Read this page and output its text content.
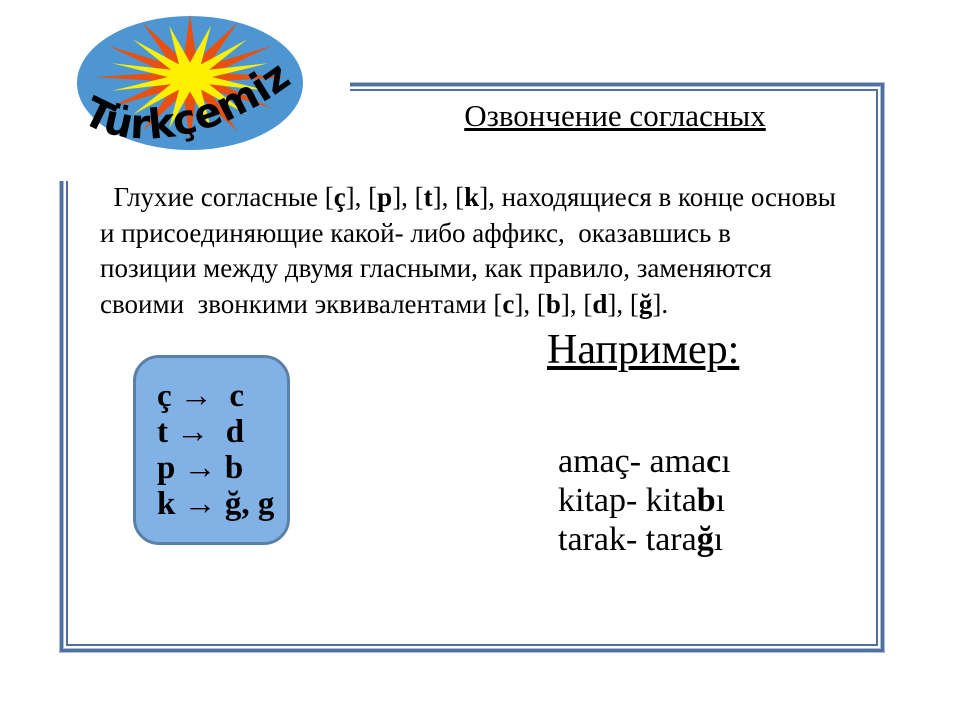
Türkçemiz
Озвончение согласных
Глухие согласные [ç], [p], [t], [k], находящиеся в конце основы
и присоединяющие какой- либо аффикс,  оказавшись в
позиции между двумя гласными, как правило, заменяются
своими  звонкими эквивалентами [c], [b], [d], [ğ].
ç →  c
t →  d
p → b
k → ğ, g
Например:
amaç- amacı
kitap- kitabı
tarak- tarağı
